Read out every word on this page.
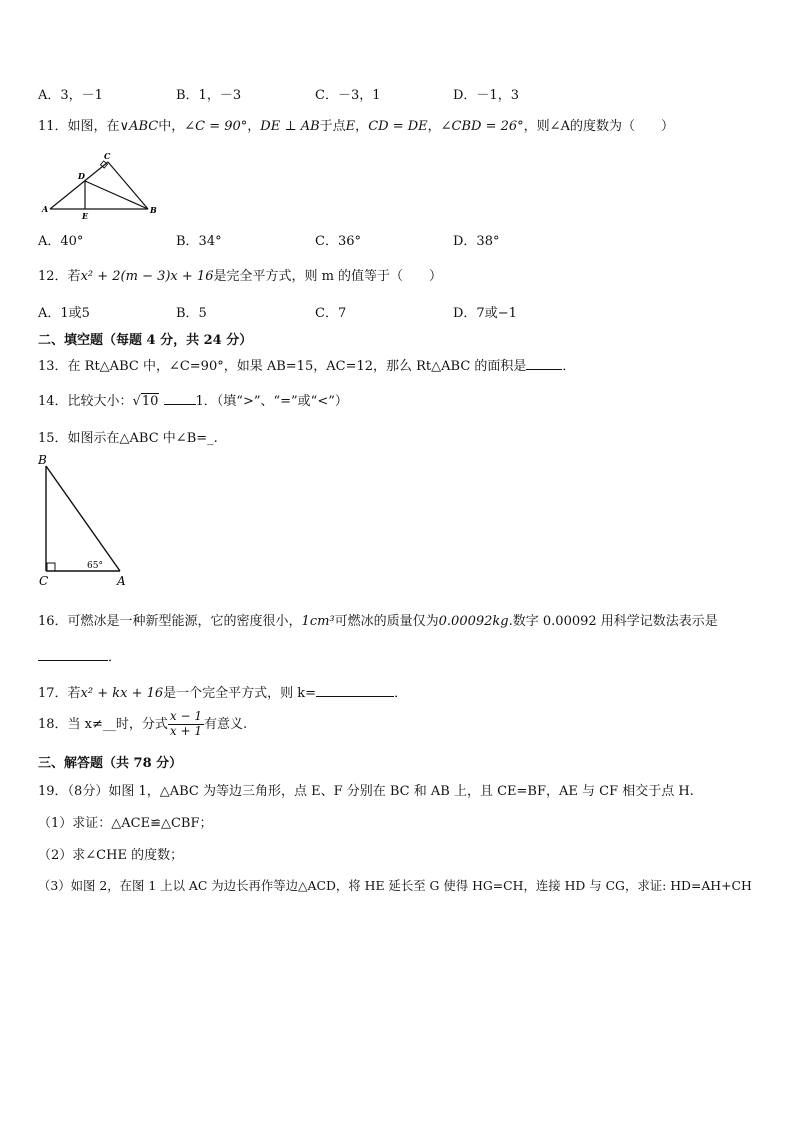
A．3，－1	B．1，－3	C．－3，1	D．－1，3
11．如图，在∨ABC中，∠C = 90°，DE ⊥ AB于点E，CD = DE，∠CBD = 26°，则∠A的度数为（　　）
C
D
A
E
B
A．40°	B．34°	C．36°	D．38°
12．若x² + 2(m − 3)x + 16是完全平方式，则 m 的值等于（　　）
A．1或5	B．5	C．7	D．7或−1
二、填空题（每题 4 分，共 24 分）
13．在 Rt△ABC 中，∠C=90°，如果 AB=15，AC=12，那么 Rt△ABC 的面积是	．
14．比较大小：√10	1．（填“>”、“=”或“<”）
15．如图示在△ABC 中∠B=_.
B
C	A
65°
16．可燃冰是一种新型能源，它的密度很小，1cm³可燃冰的质量仅为0.00092kg.数字 0.00092 用科学记数法表示是
．
17．若x² + kx + 16是一个完全平方式，则 k=	．
18．当 x≠__时，分式 $\frac{x - 1}{x + 1}$ 有意义.
三、解答题（共 78 分）
19．（8分）如图 1，△ABC 为等边三角形，点 E、F 分别在 BC 和 AB 上，且 CE=BF，AE 与 CF 相交于点 H.
（1）求证：△ACE≌△CBF；
（2）求∠CHE 的度数；
（3）如图 2，在图 1 上以 AC 为边长再作等边△ACD，将 HE 延长至 G 使得 HG=CH，连接 HD 与 CG，求证: HD=AH+CH
